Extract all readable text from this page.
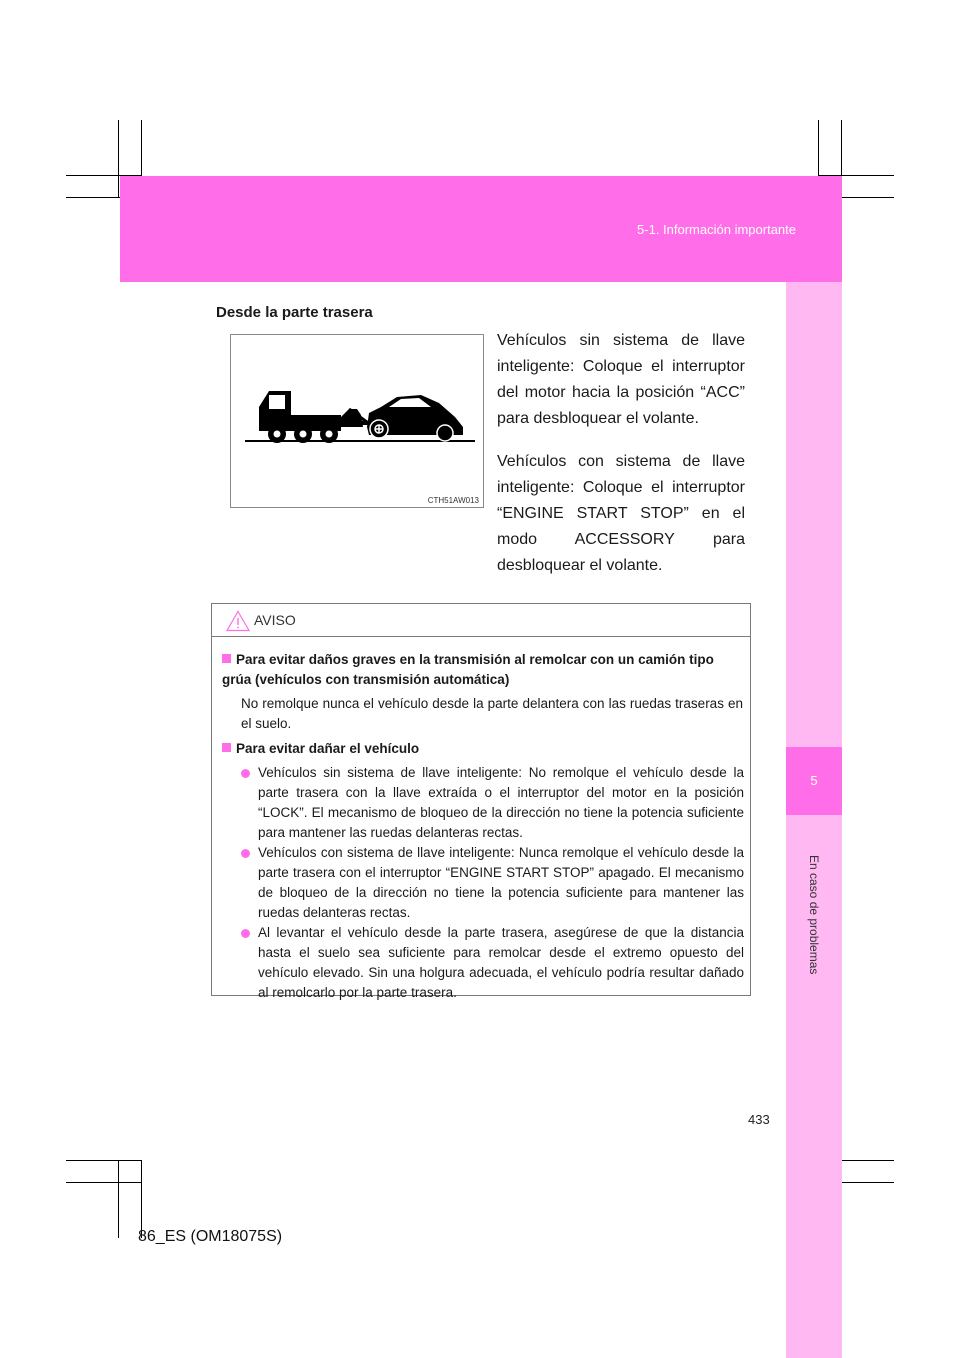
5-1. Información importante
5
En caso de problemas
Desde la parte trasera
CTH51AW013
Vehículos sin sistema de llave inteligente: Coloque el interruptor del motor hacia la posición “ACC” para desbloquear el volante.
Vehículos con sistema de llave inteligente: Coloque el interruptor “ENGINE START STOP” en el modo ACCESSORY para desbloquear el volante.
AVISO
Para evitar daños graves en la transmisión al remolcar con un camión tipo grúa (vehículos con transmisión automática)
No remolque nunca el vehículo desde la parte delantera con las ruedas traseras en el suelo.
Para evitar dañar el vehículo
Vehículos sin sistema de llave inteligente: No remolque el vehículo desde la parte trasera con la llave extraída o el interruptor del motor en la posición “LOCK”. El mecanismo de bloqueo de la dirección no tiene la potencia suficiente para mantener las ruedas delanteras rectas.
Vehículos con sistema de llave inteligente: Nunca remolque el vehículo desde la parte trasera con el interruptor “ENGINE START STOP” apagado. El mecanismo de bloqueo de la dirección no tiene la potencia suficiente para mantener las ruedas delanteras rectas.
Al levantar el vehículo desde la parte trasera, asegúrese de que la distancia hasta el suelo sea suficiente para remolcar desde el extremo opuesto del vehículo elevado. Sin una holgura adecuada, el vehículo podría resultar dañado al remolcarlo por la parte trasera.
433
86_ES (OM18075S)
